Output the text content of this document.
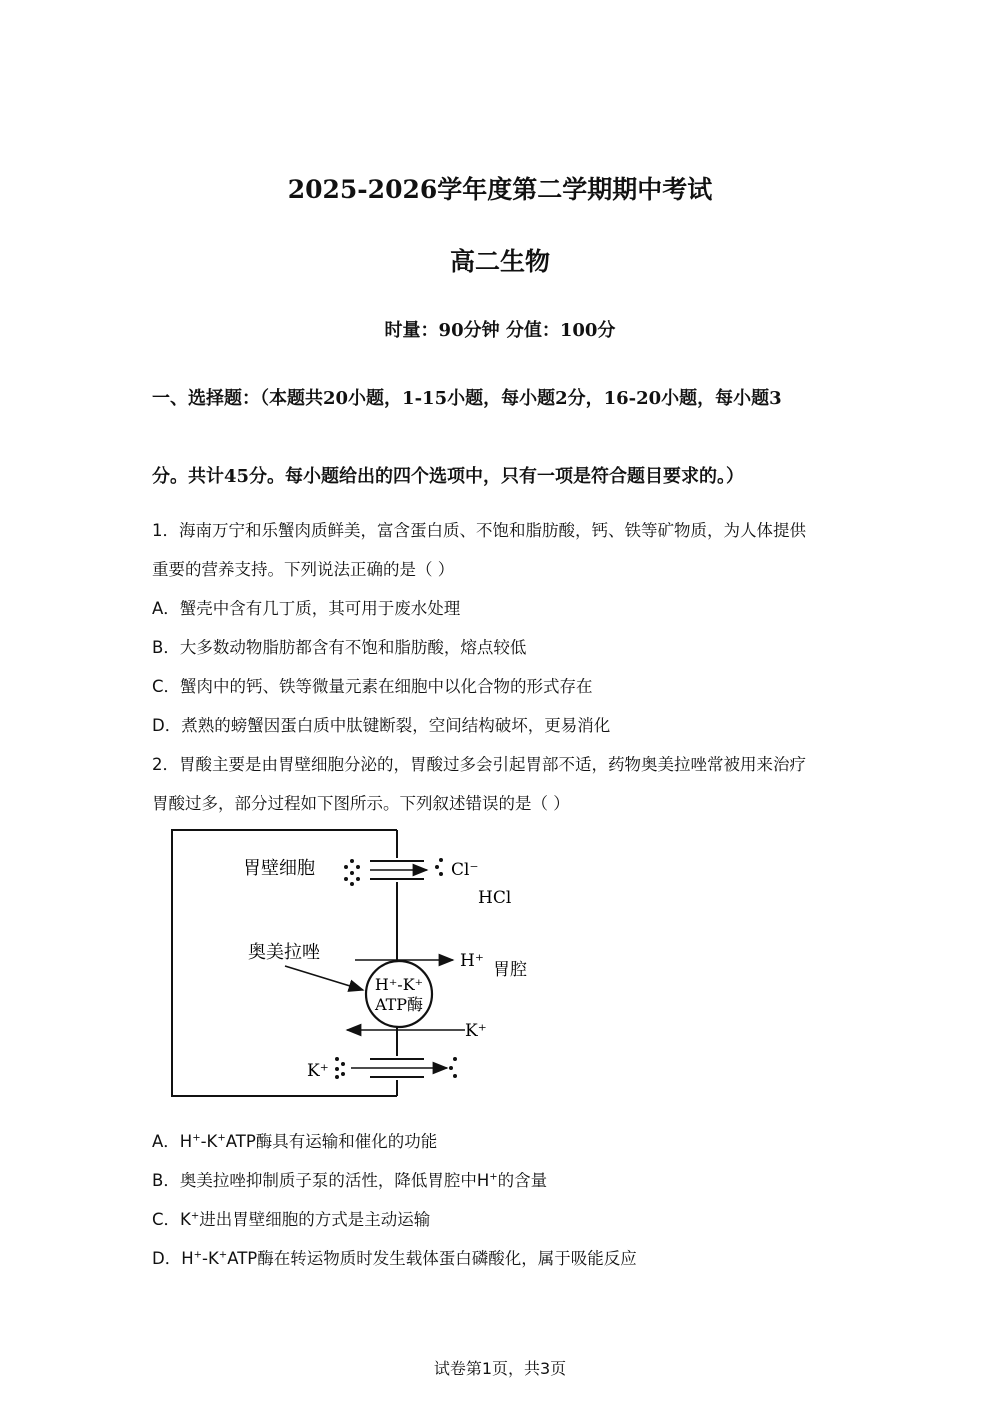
2025-2026学年度第二学期期中考试
高二生物
时量：90分钟 分值：100分
一、选择题：（本题共20小题，1-15小题，每小题2分，16-20小题，每小题3
分。共计45分。每小题给出的四个选项中，只有一项是符合题目要求的。）
1．海南万宁和乐蟹肉质鲜美，富含蛋白质、不饱和脂肪酸，钙、铁等矿物质，为人体提供
重要的营养支持。下列说法正确的是（ ）
A．蟹壳中含有几丁质，其可用于废水处理
B．大多数动物脂肪都含有不饱和脂肪酸，熔点较低
C．蟹肉中的钙、铁等微量元素在细胞中以化合物的形式存在
D．煮熟的螃蟹因蛋白质中肽键断裂，空间结构破坏，更易消化
2．胃酸主要是由胃壁细胞分泌的，胃酸过多会引起胃部不适，药物奥美拉唑常被用来治疗
胃酸过多，部分过程如下图所示。下列叙述错误的是（ ）
胃壁细胞	Cl⁻
HCl
H⁺ 胃腔
奥美拉唑
H⁺-K⁺
ATP酶
K⁺
K⁺
A．H+-K+ATP酶具有运输和催化的功能
B．奥美拉唑抑制质子泵的活性，降低胃腔中H+的含量
C．K+进出胃壁细胞的方式是主动运输
D．H+-K+ATP酶在转运物质时发生载体蛋白磷酸化，属于吸能反应
试卷第1页，共3页
